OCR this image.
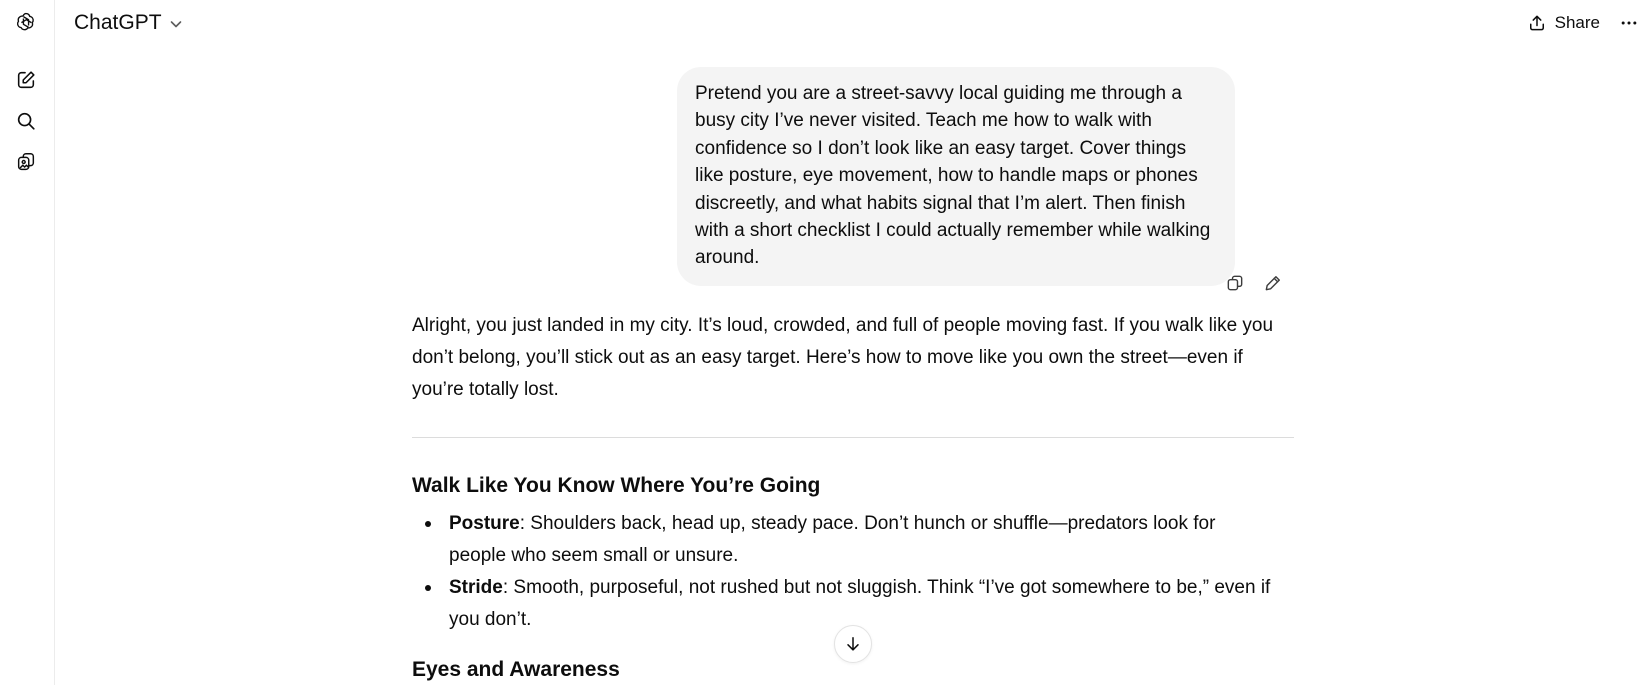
ChatGPT	Share
Pretend you are a street-savvy local guiding me through a busy city I’ve never visited. Teach me how to walk with confidence so I don’t look like an easy target. Cover things like posture, eye movement, how to handle maps or phones discreetly, and what habits signal that I’m alert. Then finish with a short checklist I could actually remember while walking around.

Alright, you just landed in my city. It’s loud, crowded, and full of people moving fast. If you walk like you don’t belong, you’ll stick out as an easy target. Here’s how to move like you own the street—even if you’re totally lost.

Walk Like You Know Where You’re Going
Posture: Shoulders back, head up, steady pace. Don’t hunch or shuffle—predators look for people who seem small or unsure.
Stride: Smooth, purposeful, not rushed but not sluggish. Think “I’ve got somewhere to be,” even if you don’t.
Eyes and Awareness
